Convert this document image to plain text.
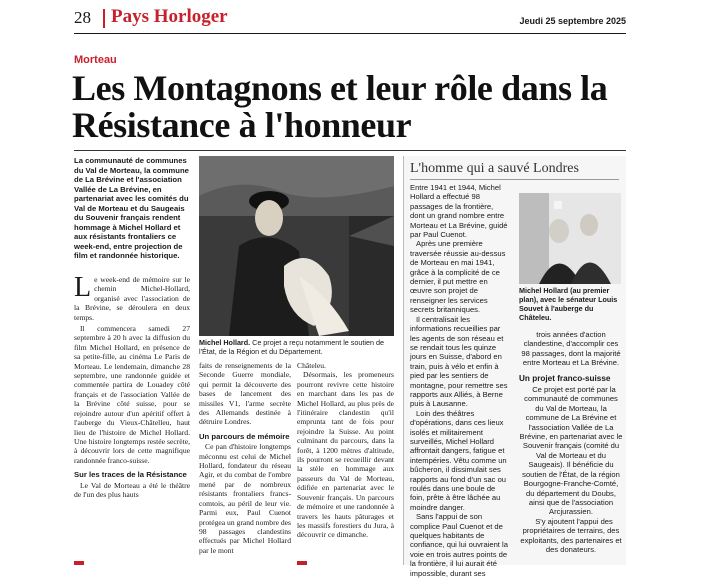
28 Pays Horloger	Jeudi 25 septembre 2025
Morteau
Les Montagnons et leur rôle dans la Résistance à l'honneur
La communauté de communes du Val de Morteau, la commune de La Brévine et l'association Vallée de La Brévine, en partenariat avec les comités du Val de Morteau et du Saugeais du Souvenir français rendent hommage à Michel Hollard et aux résistants frontaliers ce week-end, entre projection de film et randonnée historique.

Le week-end de mémoire sur le chemin Michel-Hollard, organisé avec l'association de la Brévine, se déroulera en deux temps.

Il commencera samedi 27 septembre à 20 h avec la diffusion du film Michel Hollard, en présence de sa petite-fille, au cinéma Le Paris de Morteau. Le lendemain, dimanche 28 septembre, une randonnée guidée et commentée partira de Louadey côté français et de l'association Vallée de la Brévine côté suisse, pour se rejoindre autour d'un apéritif offert à l'auberge du Vieux-Châtelleu, haut lieu de l'histoire de Michel Hollard. Une histoire longtemps restée secrète, à découvrir lors de cette magnifique randonnée franco-suisse.

Sur les traces de la Résistance

Le Val de Morteau a été le théâtre de l'un des plus hauts

Michel Hollard. Ce projet a reçu notamment le soutien de l'État, de la Région et du Département.

faits de renseignements de la Seconde Guerre mondiale, qui permit la découverte des bases de lancement des missiles V1, l'arme secrète des Allemands destinée à détruire Londres.

Un parcours de mémoire

Ce pan d'histoire longtemps méconnu est celui de Michel Hollard, fondateur du réseau Agir, et du combat de l'ombre mené par de nombreux résistants frontaliers francs-comtois, au péril de leur vie. Parmi eux, Paul Cuenot protégea un grand nombre des 98 passages clandestins effectués par Michel Hollard par le mont

Châteleu.

Désormais, les promeneurs pourront revivre cette histoire en marchant dans les pas de Michel Hollard, au plus près de l'itinéraire clandestin qu'il emprunta tant de fois pour rejoindre la Suisse. Au point culminant du parcours, dans la forêt, à 1200 mètres d'altitude, ils pourront se recueillir devant la stèle en hommage aux passeurs du Val de Morteau, édifiée en partenariat avec le Souvenir français. Un parcours de mémoire et une randonnée à travers les hauts pâturages et les massifs forestiers du Jura, à découvrir ce dimanche.

L'homme qui a sauvé Londres

Entre 1941 et 1944, Michel Hollard a effectué 98 passages de la frontière, dont un grand nombre entre Morteau et La Brévine, guidé par Paul Cuenot.

Après une première traversée réussie au-dessus de Morteau en mai 1941, grâce à la complicité de ce dernier, il put mettre en œuvre son projet de renseigner les services secrets britanniques.

Il centralisait les informations recueillies par les agents de son réseau et se rendait tous les quinze jours en Suisse, d'abord en train, puis à vélo et enfin à pied par les sentiers de montagne, pour remettre ses rapports aux Alliés, à Berne puis à Lausanne.

Loin des théâtres d'opérations, dans ces lieux isolés et militairement surveillés, Michel Hollard affrontait dangers, fatigue et intempéries. Vêtu comme un bûcheron, il dissimulait ses rapports au fond d'un sac ou roulés dans une boule de foin, prête à être lâchée au moindre danger.

Sans l'appui de son complice Paul Cuenot et de quelques habitants de confiance, qui lui ouvraient la voie en trois autres points de la frontière, il lui aurait été impossible, durant ses

Michel Hollard (au premier plan), avec le sénateur Louis Souvet à l'auberge du Châteleu.

trois années d'action clandestine, d'accomplir ces 98 passages, dont la majorité entre Morteau et La Brévine.

Un projet franco-suisse

Ce projet est porté par la communauté de communes du Val de Morteau, la commune de La Brévine et l'association Vallée de La Brévine, en partenariat avec le Souvenir français (comité du Val de Morteau et du Saugeais). Il bénéficie du soutien de l'État, de la région Bourgogne-Franche-Comté, du département du Doubs, ainsi que de l'association Arcjurassien.

S'y ajoutent l'appui des propriétaires de terrains, des exploitants, des partenaires et des donateurs.
